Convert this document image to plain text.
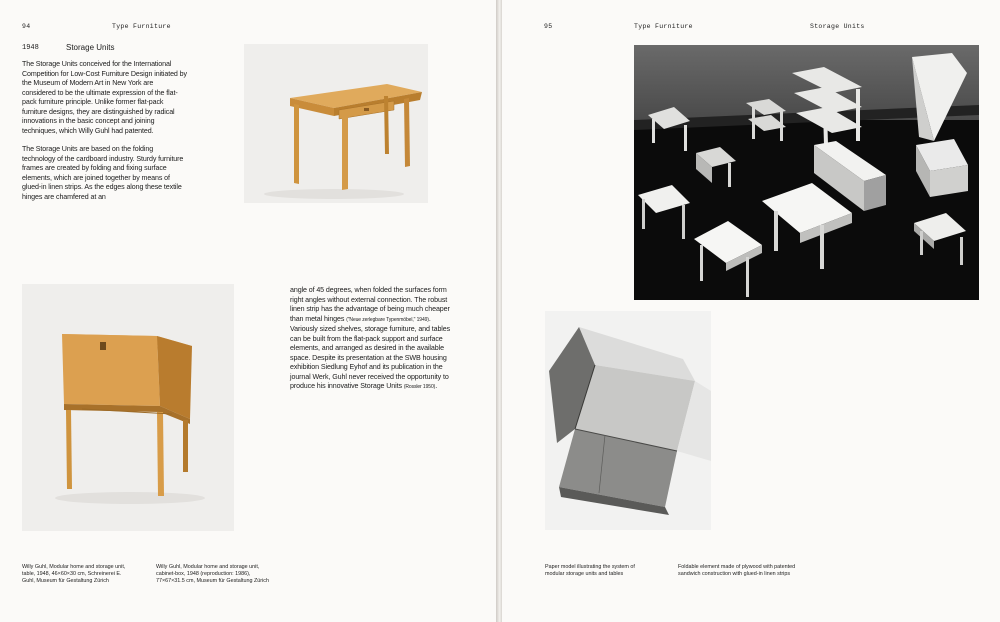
94	Type Furniture
1948	Storage Units

The Storage Units conceived for the International Competition for Low-Cost Furniture Design initiated by the Museum of Modern Art in New York are considered to be the ultimate expression of the flat-pack furniture principle. Unlike former flat-pack furniture designs, they are distinguished by radical innovations in the basic concept and joining techniques, which Willy Guhl had patented.

The Storage Units are based on the folding technology of the cardboard industry. Sturdy furniture frames are created by folding and fixing surface elements, which are joined together by means of glued-in linen strips. As the edges along these textile hinges are chamfered at an

angle of 45 degrees, when folded the surfaces form right angles without external connection. The robust linen strip has the advantage of being much cheaper than metal hinges ("Neue zerlegbare Typenmöbel," 1949). Variously sized shelves, storage furniture, and tables can be built from the flat-pack support and surface elements, and arranged as desired in the available space. Despite its presentation at the SWB housing exhibition Siedlung Eyhof and its publication in the journal Werk, Guhl never received the opportunity to produce his innovative Storage Units (Rossler 1950).
Willy Guhl, Modular home and storage unit, table, 1948, 46×60×30 cm, Schreinerei E. Guhl, Museum für Gestaltung Zürich
Willy Guhl, Modular home and storage unit, cabinet-box, 1948 (reproduction: 1986), 77×67×31.5 cm, Museum für Gestaltung Zürich
95	Type Furniture	Storage Units
Paper model illustrating the system of modular storage units and tables
Foldable element made of plywood with patented sandwich construction with glued-in linen strips
